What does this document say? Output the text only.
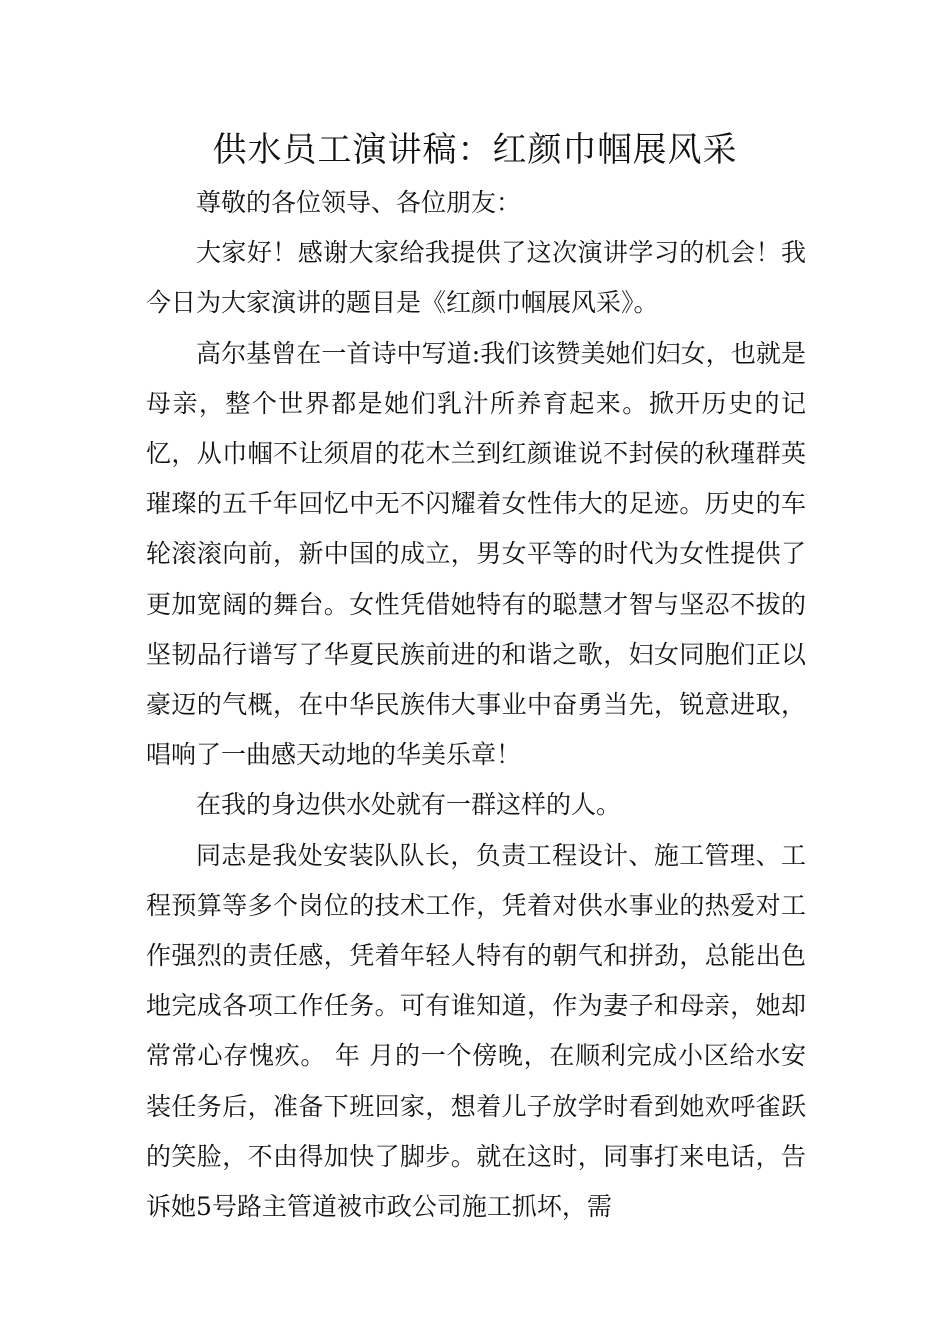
供水员工演讲稿：红颜巾帼展风采

尊敬的各位领导、各位朋友：

大家好！感谢大家给我提供了这次演讲学习的机会！我今日为大家演讲的题目是《红颜巾帼展风采》。

高尔基曾在一首诗中写道:我们该赞美她们妇女，也就是母亲，整个世界都是她们乳汁所养育起来。掀开历史的记忆，从巾帼不让须眉的花木兰到红颜谁说不封侯的秋瑾群英璀璨的五千年回忆中无不闪耀着女性伟大的足迹。历史的车轮滚滚向前，新中国的成立，男女平等的时代为女性提供了更加宽阔的舞台。女性凭借她特有的聪慧才智与坚忍不拔的坚韧品行谱写了华夏民族前进的和谐之歌，妇女同胞们正以豪迈的气概，在中华民族伟大事业中奋勇当先，锐意进取，唱响了一曲感天动地的华美乐章！

在我的身边供水处就有一群这样的人。

同志是我处安装队队长，负责工程设计、施工管理、工程预算等多个岗位的技术工作，凭着对供水事业的热爱对工作强烈的责任感，凭着年轻人特有的朝气和拼劲，总能出色地完成各项工作任务。可有谁知道，作为妻子和母亲，她却常常心存愧疚。 年 月的一个傍晚，在顺利完成小区给水安装任务后，准备下班回家，想着儿子放学时看到她欢呼雀跃的笑脸，不由得加快了脚步。就在这时，同事打来电话，告诉她5号路主管道被市政公司施工抓坏，需
